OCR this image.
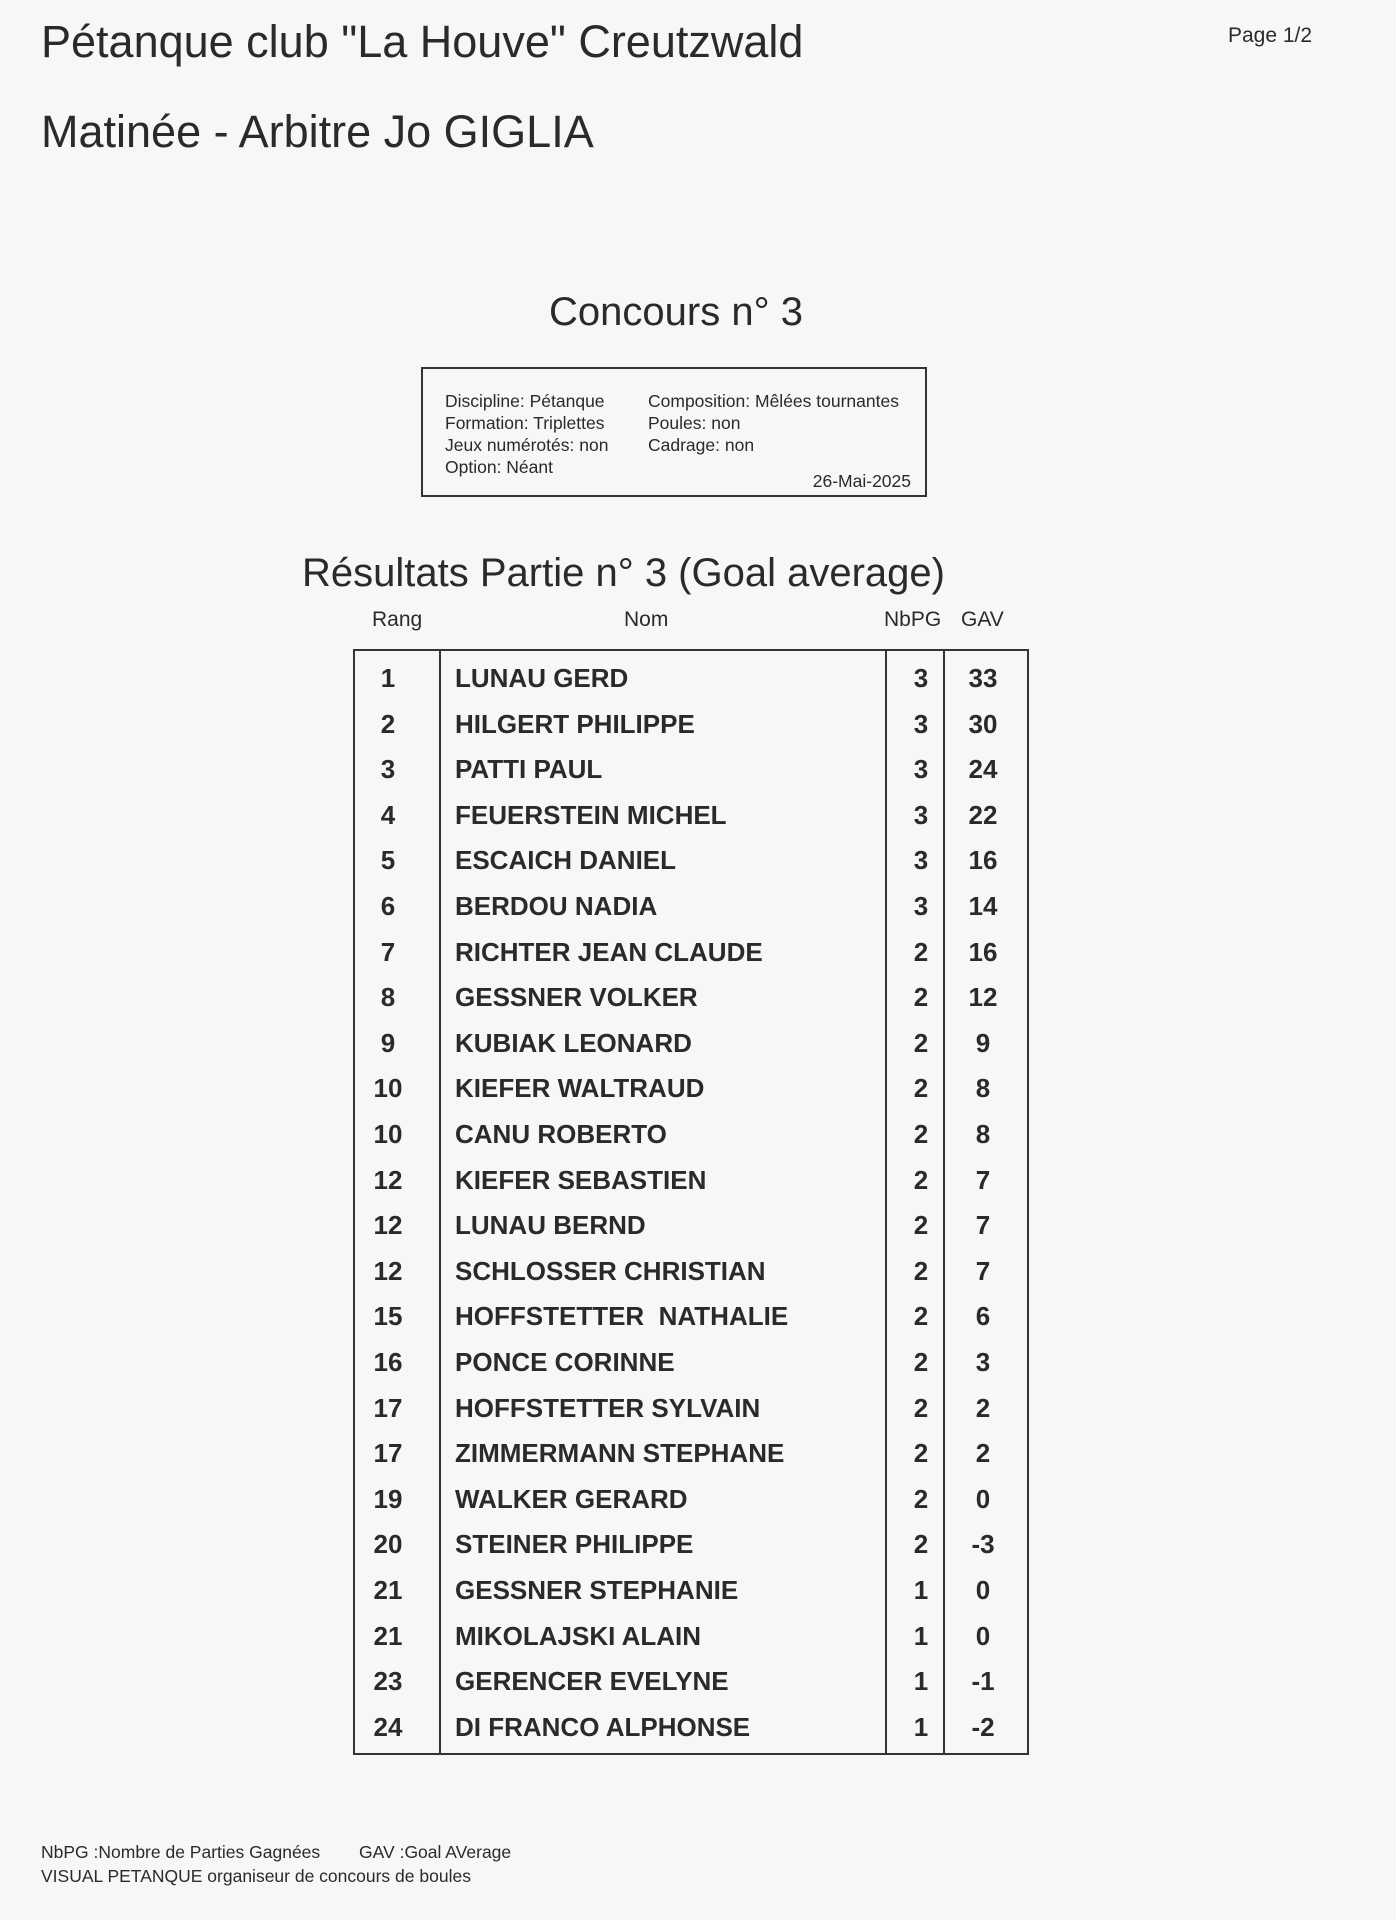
Pétanque club "La Houve" Creutzwald
Matinée - Arbitre Jo GIGLIA
Page 1/2
Concours n° 3
Discipline: Pétanque
Formation: Triplettes
Jeux numérotés: non
Option: Néant
Composition: Mêlées tournantes
Poules: non
Cadrage: non
26-Mai-2025
Résultats Partie n° 3 (Goal average)
Rang	Nom	NbPG GAV
1	LUNAU GERD	3	33
2	HILGERT PHILIPPE	3	30
3	PATTI PAUL	3	24
4	FEUERSTEIN MICHEL	3	22
5	ESCAICH DANIEL	3	16
6	BERDOU NADIA	3	14
7	RICHTER JEAN CLAUDE	2	16
8	GESSNER VOLKER	2	12
9	KUBIAK LEONARD	2	9
10 KIEFER WALTRAUD	2	8
10 CANU ROBERTO	2	8
12 KIEFER SEBASTIEN	2	7
12 LUNAU BERND	2	7
12 SCHLOSSER CHRISTIAN	2	7
15 HOFFSTETTER  NATHALIE	2	6
16 PONCE CORINNE	2	3
17 HOFFSTETTER SYLVAIN	2	2
17 ZIMMERMANN STEPHANE	2	2
19 WALKER GERARD	2	0
20 STEINER PHILIPPE	2	-3
21 GESSNER STEPHANIE	1	0
21 MIKOLAJSKI ALAIN	1	0
23 GERENCER EVELYNE	1	-1
24 DI FRANCO ALPHONSE	1	-2
NbPG :Nombre de Parties Gagnées        GAV :Goal AVerage
VISUAL PETANQUE organiseur de concours de boules
